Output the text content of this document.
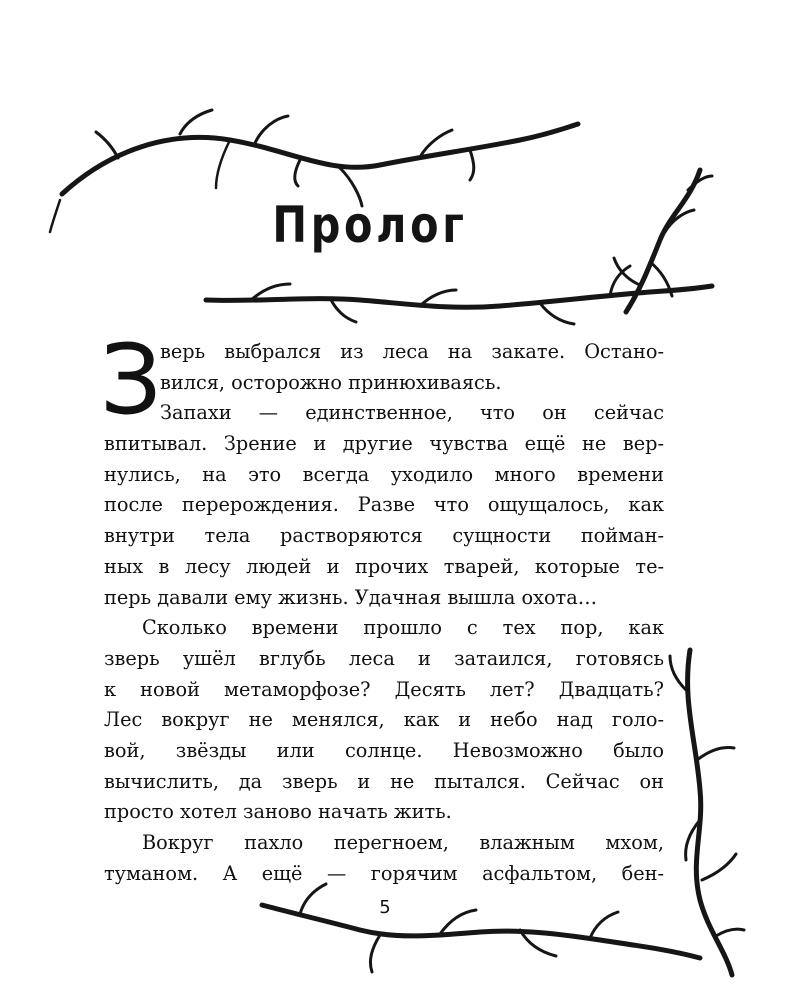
Пролог
З
верь выбрался из леса на закате. Остано-
вился, осторожно принюхиваясь.
Запахи — единственное, что он сейчас
впитывал. Зрение и другие чувства ещё не вер-
нулись, на это всегда уходило много времени
после перерождения. Разве что ощущалось, как
внутри тела растворяются сущности пойман-
ных в лесу людей и прочих тварей, которые те-
перь давали ему жизнь. Удачная вышла охота…
Сколько времени прошло с тех пор, как
зверь ушёл вглубь леса и затаился, готовясь
к новой метаморфозе? Десять лет? Двадцать?
Лес вокруг не менялся, как и небо над голо-
вой, звёзды или солнце. Невозможно было
вычислить, да зверь и не пытался. Сейчас он
просто хотел заново начать жить.
Вокруг пахло перегноем, влажным мхом,
туманом. А ещё — горячим асфальтом, бен-
5
